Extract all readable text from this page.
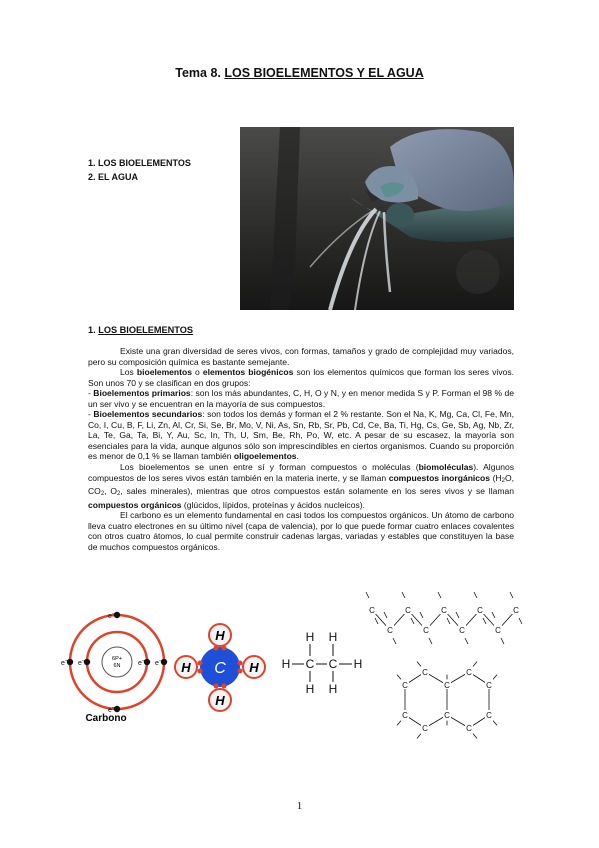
Tema 8. LOS BIOELEMENTOS Y EL AGUA
1. LOS BIOELEMENTOS
2. EL AGUA
1. LOS BIOELEMENTOS

Existe una gran diversidad de seres vivos, con formas, tamaños y grado de complejidad muy variados, pero su composición química es bastante semejante.

Los bioelementos o elementos biogénicos son los elementos químicos que forman los seres vivos. Son unos 70 y se clasifican en dos grupos:

- Bioelementos primarios: son los más abundantes, C, H, O y N, y en menor medida S y P. Forman el 98 % de un ser vivo y se encuentran en la mayoría de sus compuestos.

- Bioelementos secundarios: son todos los demás y forman el 2 % restante. Son el Na, K, Mg, Ca, Cl, Fe, Mn, Co, I, Cu, B, F, Li, Zn, Al, Cr, Si, Se, Br, Mo, V, Ni, As, Sn, Rb, Sr, Pb, Cd, Ce, Ba, Ti, Hg, Cs, Ge, Sb, Ag, Nb, Zr, La, Te, Ga, Ta, Bi, Y, Au, Sc, In, Th, U, Sm, Be, Rh, Po, W, etc. A pesar de su escasez, la mayoría son esenciales para la vida, aunque algunos sólo son imprescindibles en ciertos organismos. Cuando su proporción es menor de 0,1 % se llaman también oligoelementos.

Los bioelementos se unen entre sí y forman compuestos o moléculas (biomoléculas). Algunos compuestos de los seres vivos están también en la materia inerte, y se llaman compuestos inorgánicos (H2O, CO2, O2, sales minerales), mientras que otros compuestos están solamente en los seres vivos y se llaman compuestos orgánicos (glúcidos, lípidos, proteínas y ácidos nucleicos).

El carbono es un elemento fundamental en casi todos los compuestos orgánicos. Un átomo de carbono lleva cuatro electrones en su último nivel (capa de valencia), por lo que puede formar cuatro enlaces covalentes con otros cuatro átomos, lo cual permite construir cadenas largas, variadas y estables que constituyen la base de muchos compuestos orgánicos.

6P+
6N
e−
e−
e−	e−
e−	e−
Carbono
C
H
H
H	H
H H
H C C H
H H
C
C
C
C
C
C
C
C
C
C
C
C
C
C
C
C
C
C
C
1
